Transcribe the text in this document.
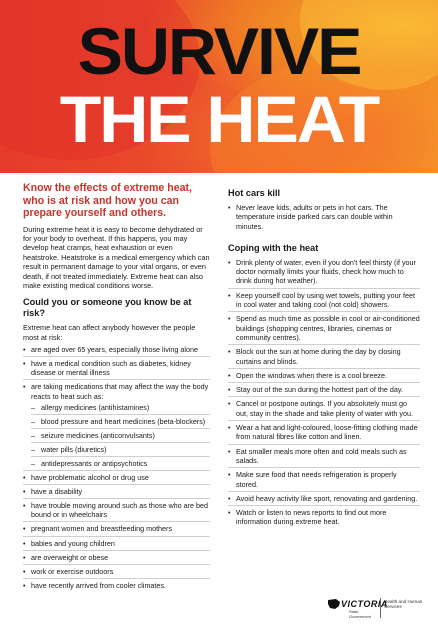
SURVIVE
THE HEAT
Know the effects of extreme heat, who is at risk and how you can prepare yourself and others.

During extreme heat it is easy to become dehydrated or for your body to overheat. If this happens, you may develop heat cramps, heat exhaustion or even heatstroke. Heatstroke is a medical emergency which can result in permanent damage to your vital organs, or even death, if not treated immediately. Extreme heat can also make existing medical conditions worse.

Could you or someone you know be at risk?

Extreme heat can affect anybody however the people most at risk:

• are aged over 65 years, especially those living alone
• have a medical condition such as diabetes, kidney disease or mental illness
• are taking medications that may affect the way the body reacts to heat such as:
– allergy medicines (antihistamines)
– blood pressure and heart medicines (beta-blockers)
– seizure medicines (anticonvulsants)
– water pills (diuretics)
– antidepressants or antipsychotics
• have problematic alcohol or drug use
• have a disability
• have trouble moving around such as those who are bed bound or in wheelchairs
• pregnant women and breastfeeding mothers
• babies and young children
• are overweight or obese
• work or exercise outdoors
• have recently arrived from cooler climates.
Hot cars kill
• Never leave kids, adults or pets in hot cars. The temperature inside parked cars can double within minutes.
Coping with the heat
• Drink plenty of water, even if you don't feel thirsty (if your doctor normally limits your fluids, check how much to drink during hot weather).
• Keep yourself cool by using wet towels, putting your feet in cool water and taking cool (not cold) showers.
• Spend as much time as possible in cool or air-conditioned buildings (shopping centres, libraries, cinemas or community centres).
• Block out the sun at home during the day by closing curtains and blinds.
• Open the windows when there is a cool breeze.
• Stay out of the sun during the hottest part of the day.
• Cancel or postpone outings. If you absolutely must go out, stay in the shade and take plenty of water with you.
• Wear a hat and light-coloured, loose-fitting clothing made from natural fibres like cotton and linen.
• Eat smaller meals more often and cold meals such as salads.
• Make sure food that needs refrigeration is properly stored.
• Avoid heavy activity like sport, renovating and gardening.
• Watch or listen to news reports to find out more information during extreme heat.
VICTORIA
State Government
Health and Human Services
